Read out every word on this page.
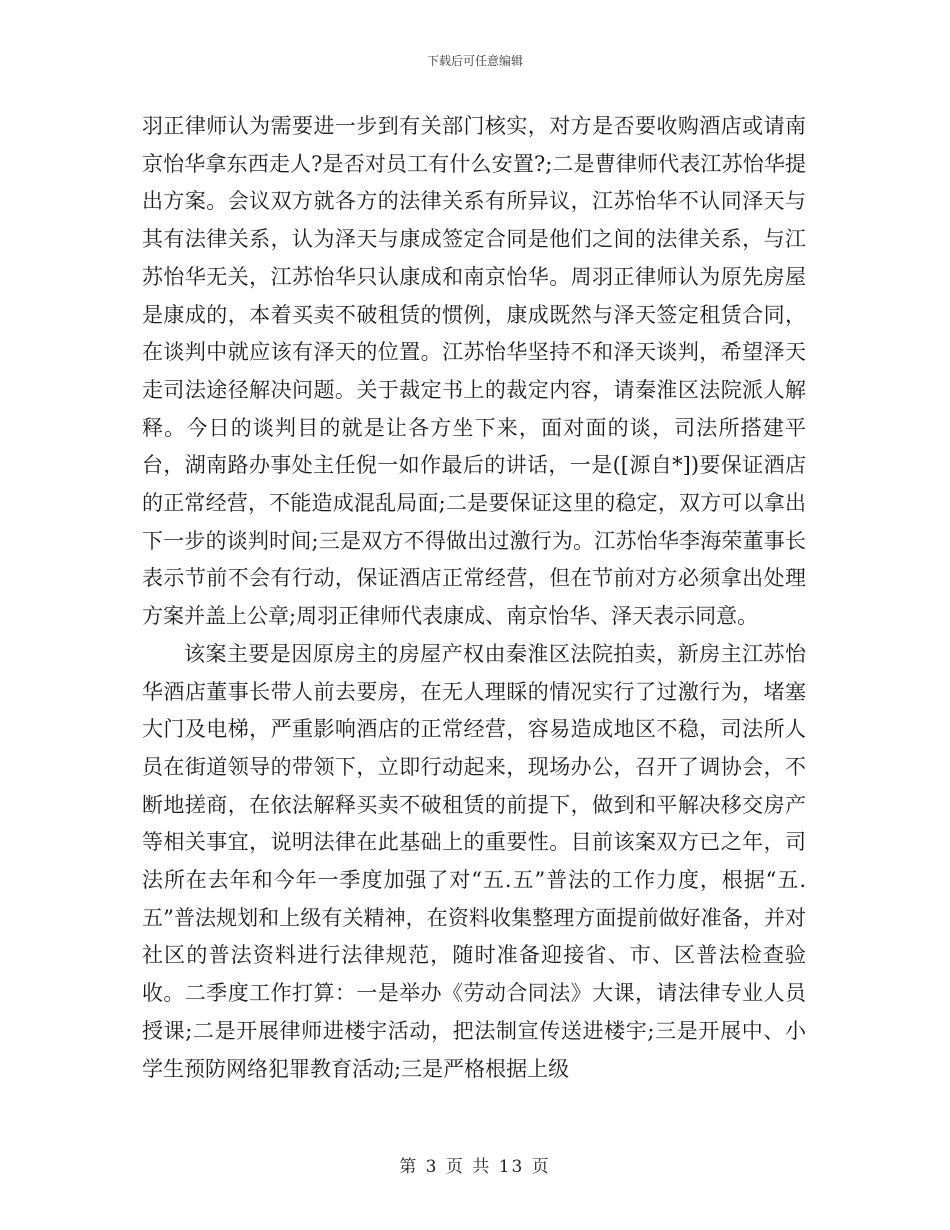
下载后可任意编辑

羽正律师认为需要进一步到有关部门核实，对方是否要收购酒店或请南京怡华拿东西走人?是否对员工有什么安置?;二是曹律师代表江苏怡华提出方案。会议双方就各方的法律关系有所异议，江苏怡华不认同泽天与其有法律关系，认为泽天与康成签定合同是他们之间的法律关系，与江苏怡华无关，江苏怡华只认康成和南京怡华。周羽正律师认为原先房屋是康成的，本着买卖不破租赁的惯例，康成既然与泽天签定租赁合同，在谈判中就应该有泽天的位置。江苏怡华坚持不和泽天谈判，希望泽天走司法途径解决问题。关于裁定书上的裁定内容，请秦淮区法院派人解释。今日的谈判目的就是让各方坐下来，面对面的谈，司法所搭建平台，湖南路办事处主任倪一如作最后的讲话，一是([源自*])要保证酒店的正常经营，不能造成混乱局面;二是要保证这里的稳定，双方可以拿出下一步的谈判时间;三是双方不得做出过激行为。江苏怡华李海荣董事长表示节前不会有行动，保证酒店正常经营，但在节前对方必须拿出处理方案并盖上公章;周羽正律师代表康成、南京怡华、泽天表示同意。

该案主要是因原房主的房屋产权由秦淮区法院拍卖，新房主江苏怡华酒店董事长带人前去要房，在无人理睬的情况实行了过激行为，堵塞大门及电梯，严重影响酒店的正常经营，容易造成地区不稳，司法所人员在街道领导的带领下，立即行动起来，现场办公，召开了调协会，不断地搓商，在依法解释买卖不破租赁的前提下，做到和平解决移交房产等相关事宜，说明法律在此基础上的重要性。目前该案双方已之年，司法所在去年和今年一季度加强了对“五.五”普法的工作力度，根据“五.五”普法规划和上级有关精神，在资料收集整理方面提前做好准备，并对社区的普法资料进行法律规范，随时准备迎接省、市、区普法检查验收。二季度工作打算：一是举办《劳动合同法》大课，请法律专业人员授课;二是开展律师进楼宇活动，把法制宣传送进楼宇;三是开展中、小学生预防网络犯罪教育活动;三是严格根据上级

第 3 页 共 13 页
